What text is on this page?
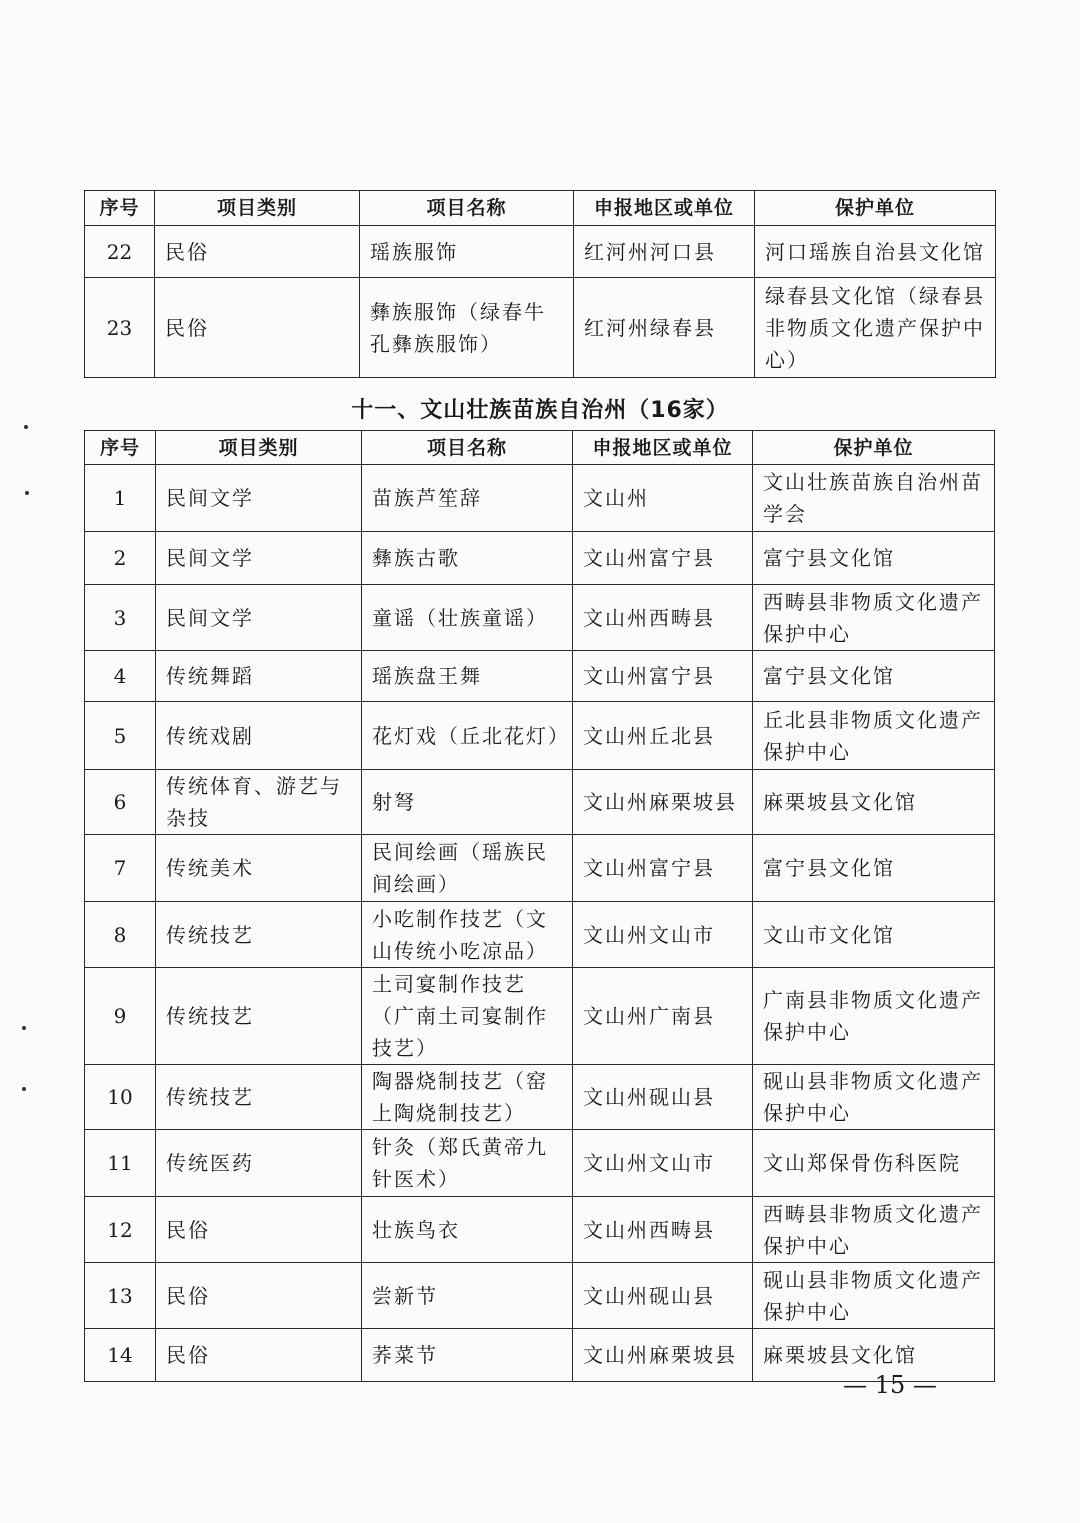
序号	项目类别	项目名称	申报地区或单位	保护单位
22	民俗	瑶族服饰	红河州河口县	河口瑶族自治县文化馆
23	民俗	彝族服饰（绿春牛孔彝族服饰）	红河州绿春县	绿春县文化馆（绿春县非物质文化遗产保护中心）
十一、文山壮族苗族自治州（16家）
序号	项目类别	项目名称	申报地区或单位	保护单位
1	民间文学	苗族芦笙辞	文山州	文山壮族苗族自治州苗学会
2	民间文学	彝族古歌	文山州富宁县	富宁县文化馆
3	民间文学	童谣（壮族童谣）	文山州西畴县	西畴县非物质文化遗产保护中心
4	传统舞蹈	瑶族盘王舞	文山州富宁县	富宁县文化馆
5	传统戏剧	花灯戏（丘北花灯）	文山州丘北县	丘北县非物质文化遗产保护中心
6	传统体育、游艺与杂技	射弩	文山州麻栗坡县	麻栗坡县文化馆
7	传统美术	民间绘画（瑶族民间绘画）	文山州富宁县	富宁县文化馆
8	传统技艺	小吃制作技艺（文山传统小吃凉品）	文山州文山市	文山市文化馆
9	传统技艺	土司宴制作技艺（广南土司宴制作技艺）	文山州广南县	广南县非物质文化遗产保护中心
10	传统技艺	陶器烧制技艺（窑上陶烧制技艺）	文山州砚山县	砚山县非物质文化遗产保护中心
11	传统医药	针灸（郑氏黄帝九针医术）	文山州文山市	文山郑保骨伤科医院
12	民俗	壮族鸟衣	文山州西畴县	西畴县非物质文化遗产保护中心
13	民俗	尝新节	文山州砚山县	砚山县非物质文化遗产保护中心
14	民俗	荞菜节	文山州麻栗坡县	麻栗坡县文化馆
— 15 —
